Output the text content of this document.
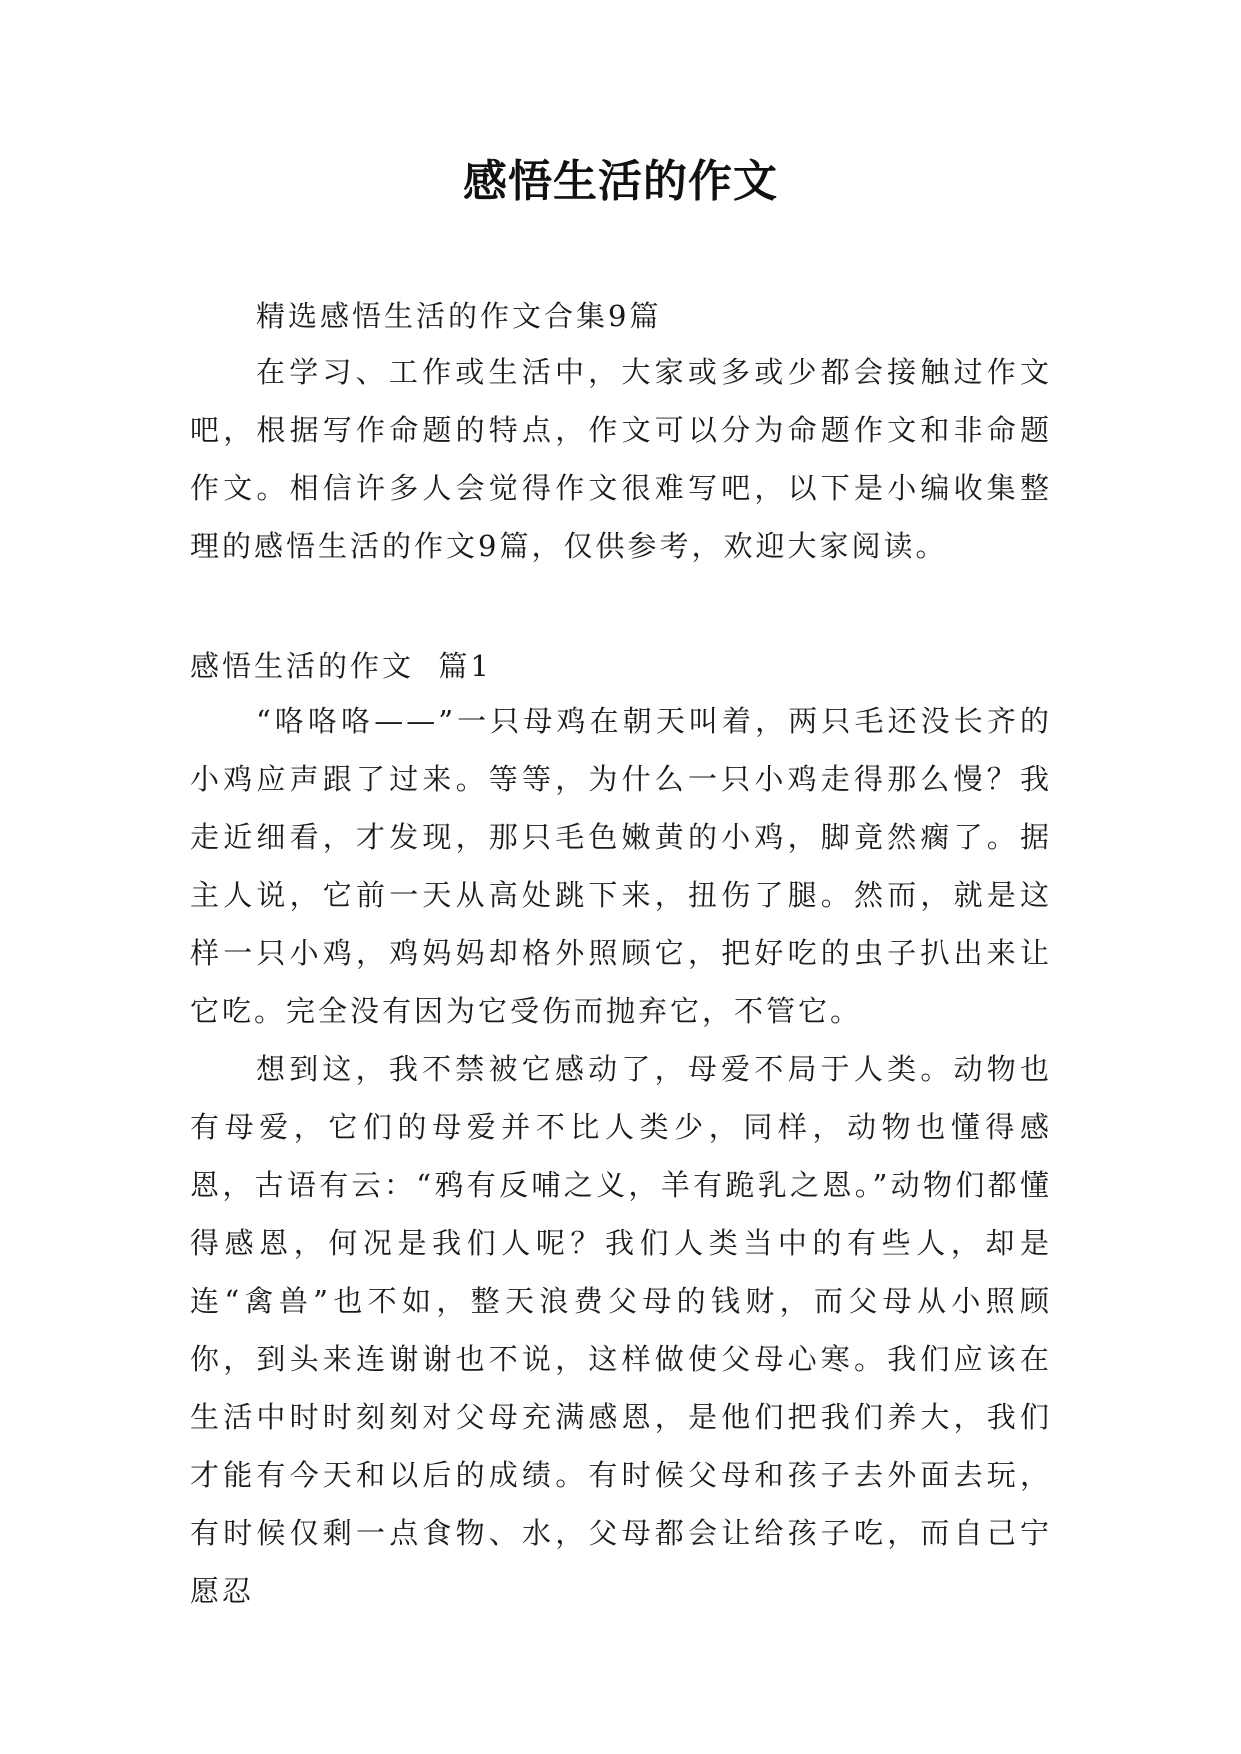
感悟生活的作文

精选感悟生活的作文合集9篇

在学习、工作或生活中，大家或多或少都会接触过作文吧，根据写作命题的特点，作文可以分为命题作文和非命题作文。相信许多人会觉得作文很难写吧，以下是小编收集整理的感悟生活的作文9篇，仅供参考，欢迎大家阅读。

感悟生活的作文  篇1

“咯咯咯——”一只母鸡在朝天叫着，两只毛还没长齐的小鸡应声跟了过来。等等，为什么一只小鸡走得那么慢？我走近细看，才发现，那只毛色嫩黄的小鸡，脚竟然瘸了。据主人说，它前一天从高处跳下来，扭伤了腿。然而，就是这样一只小鸡，鸡妈妈却格外照顾它，把好吃的虫子扒出来让它吃。完全没有因为它受伤而抛弃它，不管它。

想到这，我不禁被它感动了，母爱不局于人类。动物也有母爱，它们的母爱并不比人类少，同样，动物也懂得感恩，古语有云：“鸦有反哺之义，羊有跪乳之恩。”动物们都懂得感恩，何况是我们人呢？我们人类当中的有些人，却是连“禽兽”也不如，整天浪费父母的钱财，而父母从小照顾你，到头来连谢谢也不说，这样做使父母心寒。我们应该在生活中时时刻刻对父母充满感恩，是他们把我们养大，我们才能有今天和以后的成绩。有时候父母和孩子去外面去玩，有时候仅剩一点食物、水，父母都会让给孩子吃，而自己宁愿忍
